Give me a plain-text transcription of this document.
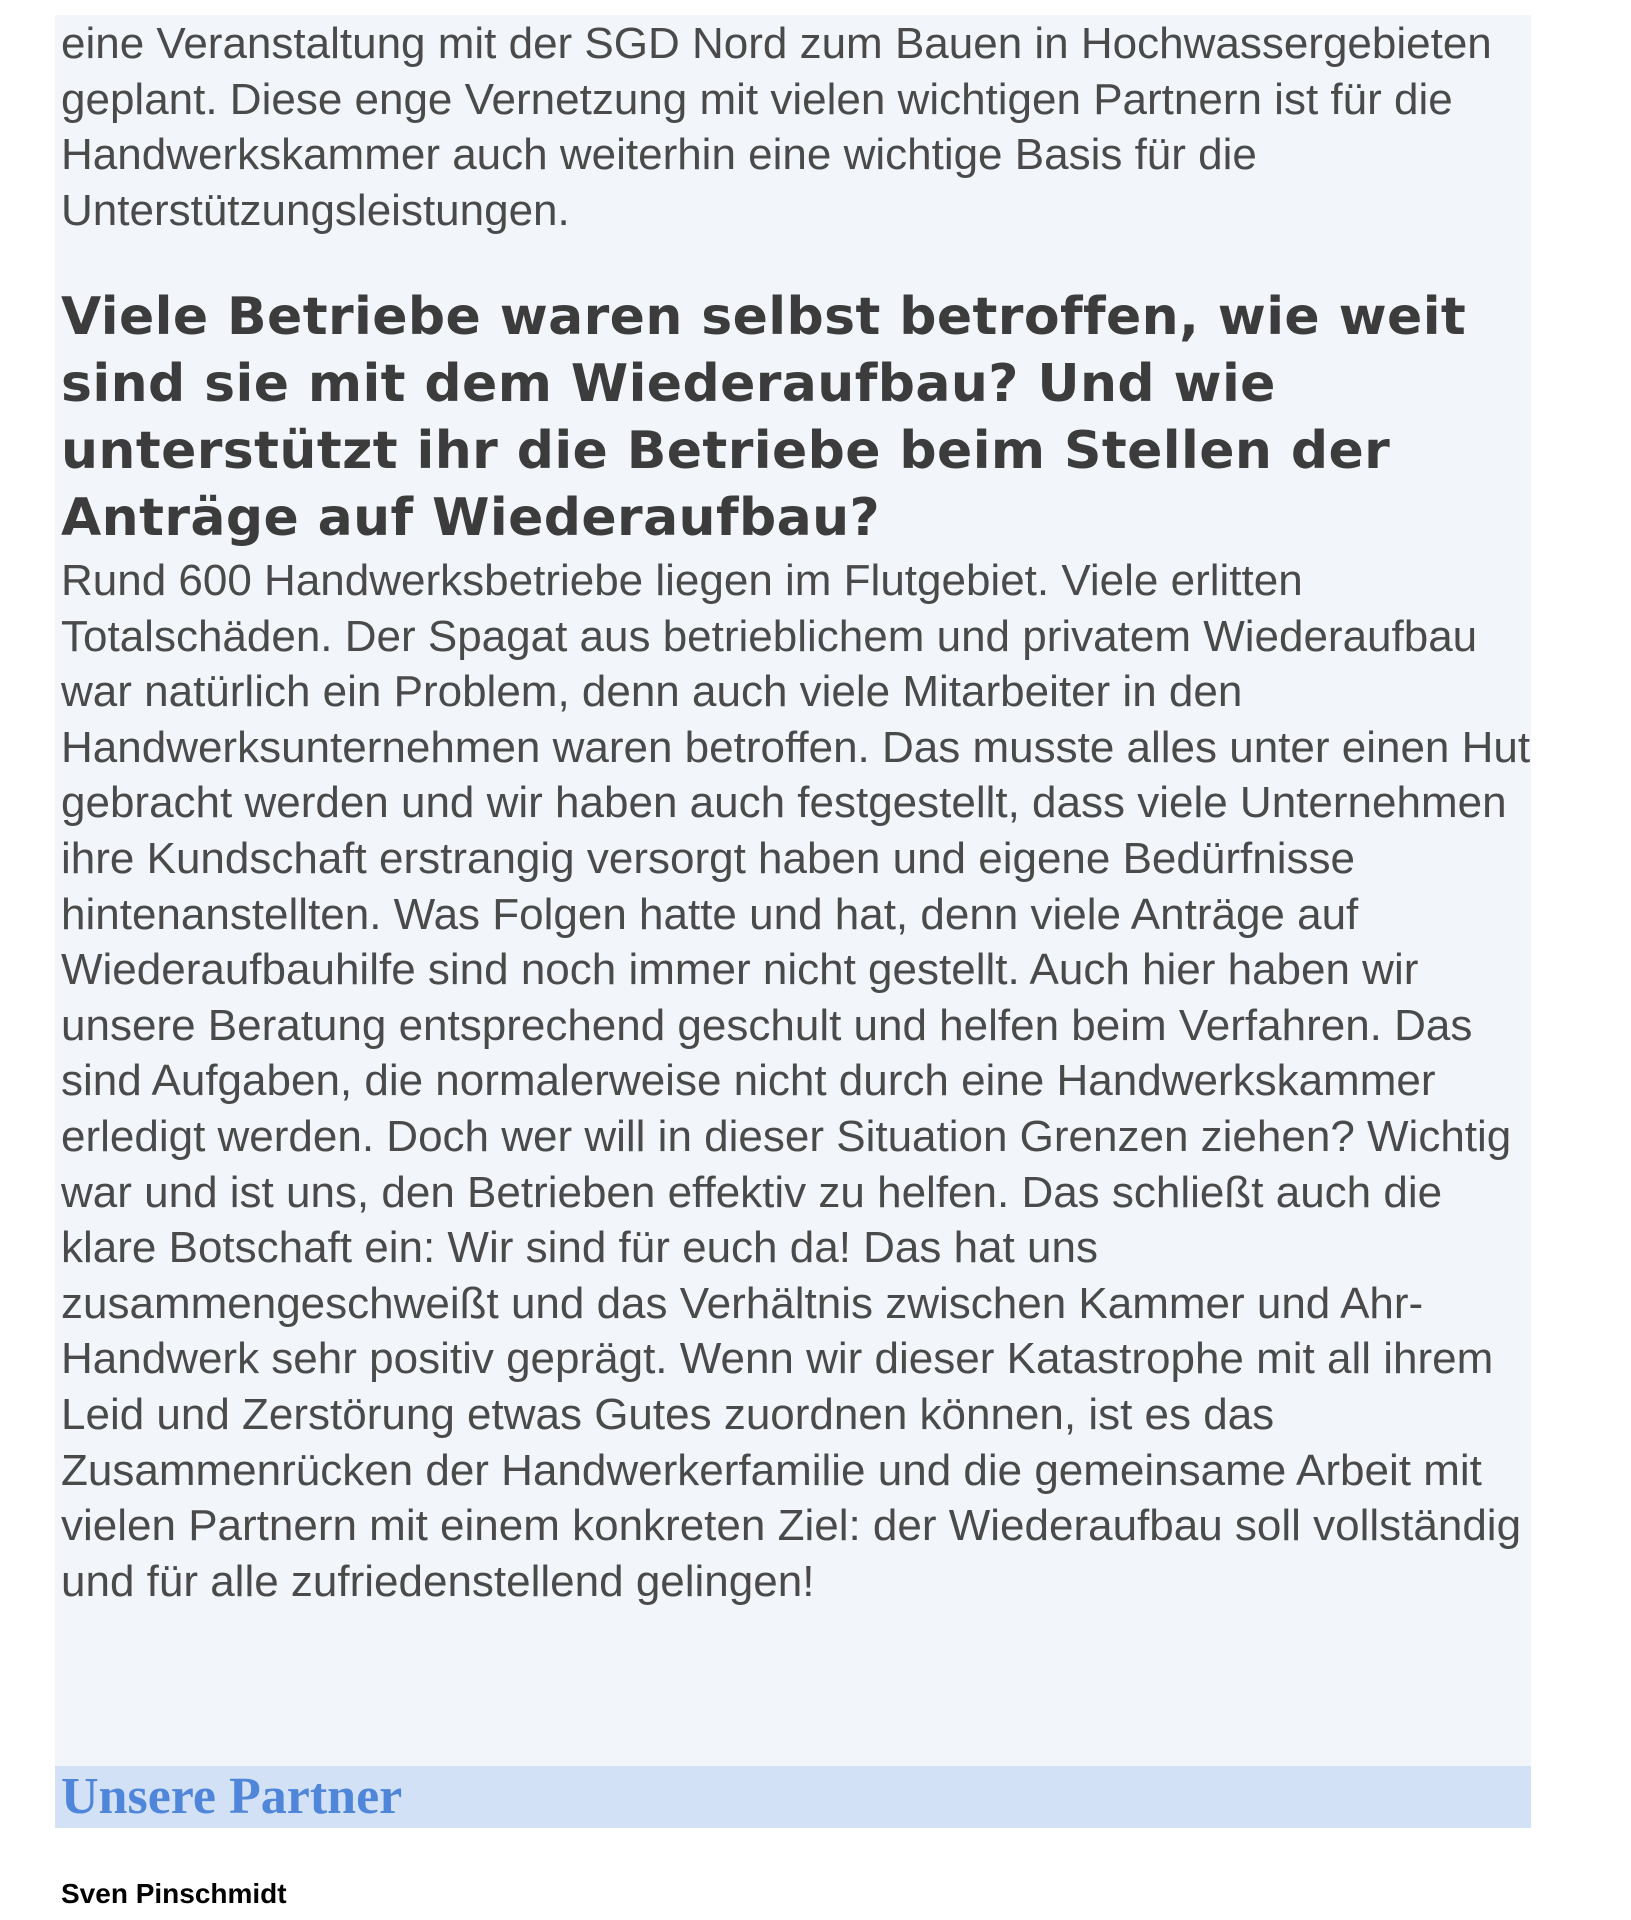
eine Veranstaltung mit der SGD Nord zum Bauen in Hochwassergebieten geplant. Diese enge Vernetzung mit vielen wichtigen Partnern ist für die Handwerkskammer auch weiterhin eine wichtige Basis für die Unterstützungsleistungen.

Viele Betriebe waren selbst betroffen, wie weit sind sie mit dem Wiederaufbau? Und wie unterstützt ihr die Betriebe beim Stellen der Anträge auf Wiederaufbau?

Rund 600 Handwerksbetriebe liegen im Flutgebiet. Viele erlitten Totalschäden. Der Spagat aus betrieblichem und privatem Wiederaufbau war natürlich ein Problem, denn auch viele Mitarbeiter in den Handwerksunternehmen waren betroffen. Das musste alles unter einen Hut gebracht werden und wir haben auch festgestellt, dass viele Unternehmen ihre Kundschaft erstrangig versorgt haben und eigene Bedürfnisse hintenanstellten. Was Folgen hatte und hat, denn viele Anträge auf Wiederaufbauhilfe sind noch immer nicht gestellt. Auch hier haben wir unsere Beratung entsprechend geschult und helfen beim Verfahren. Das sind Aufgaben, die normalerweise nicht durch eine Handwerkskammer erledigt werden. Doch wer will in dieser Situation Grenzen ziehen? Wichtig war und ist uns, den Betrieben effektiv zu helfen. Das schließt auch die klare Botschaft ein: Wir sind für euch da! Das hat uns zusammengeschweißt und das Verhältnis zwischen Kammer und Ahr-Handwerk sehr positiv geprägt. Wenn wir dieser Katastrophe mit all ihrem Leid und Zerstörung etwas Gutes zuordnen können, ist es das Zusammenrücken der Handwerkerfamilie und die gemeinsame Arbeit mit vielen Partnern mit einem konkreten Ziel: der Wiederaufbau soll vollständig und für alle zufriedenstellend gelingen!

Unsere Partner

Sven Pinschmidt
